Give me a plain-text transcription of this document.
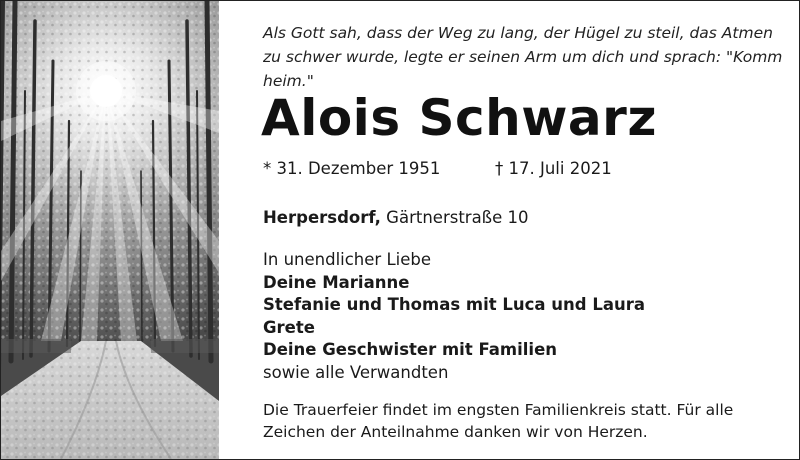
Als Gott sah, dass der Weg zu lang, der Hügel zu steil, das Atmen zu schwer wurde, legte er seinen Arm um dich und sprach: "Komm heim."
Alois Schwarz
* 31. Dezember 1951	† 17. Juli 2021
Herpersdorf, Gärtnerstraße 10
In unendlicher Liebe
Deine Marianne
Stefanie und Thomas mit Luca und Laura
Grete
Deine Geschwister mit Familien
sowie alle Verwandten
Die Trauerfeier findet im engsten Familienkreis statt. Für alle Zeichen der Anteilnahme danken wir von Herzen.
